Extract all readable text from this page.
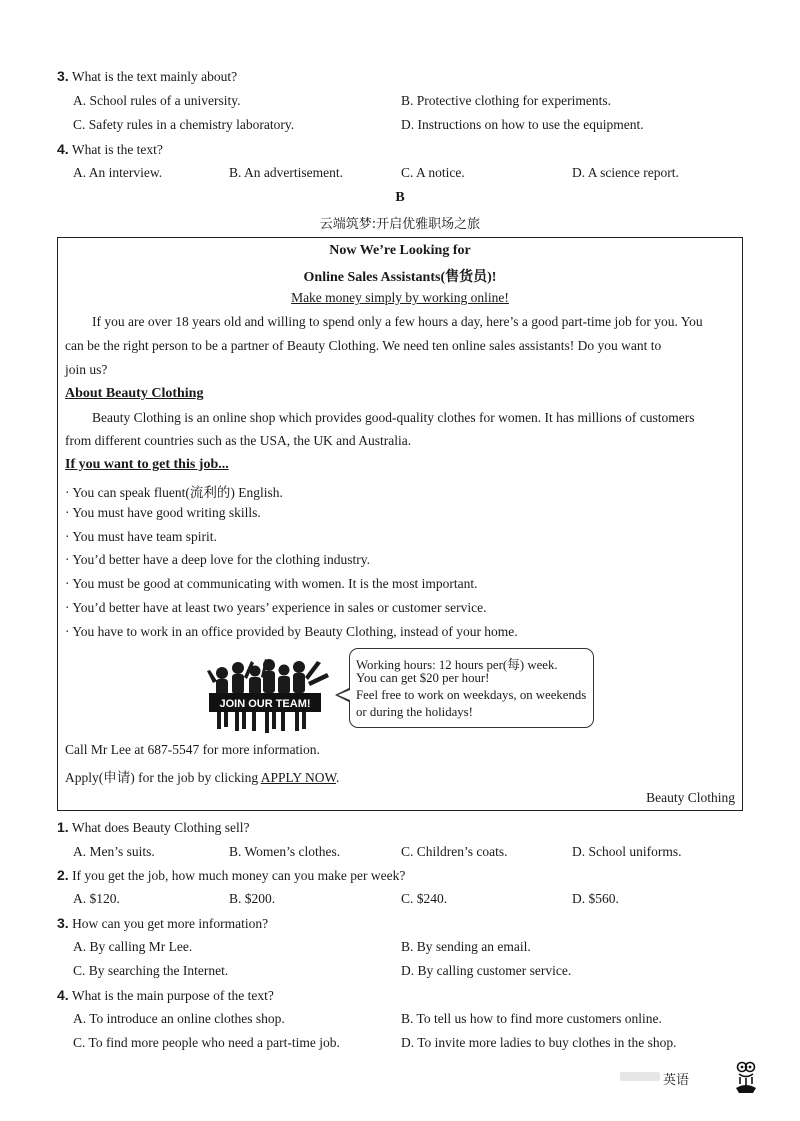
3. What is the text mainly about?
A. School rules of a university.	B. Protective clothing for experiments.
C. Safety rules in a chemistry laboratory.	D. Instructions on how to use the equipment.
4. What is the text?
A. An interview.	B. An advertisement.	C. A notice.	D. A science report.
B
云端筑梦:开启优雅职场之旅
Now We’re Looking for
Online Sales Assistants(售货员)!
Make money simply by working online!
If you are over 18 years old and willing to spend only a few hours a day, here’s a good part-time job for you. You
can be the right person to be a partner of Beauty Clothing. We need ten online sales assistants! Do you want to
join us?
About Beauty Clothing
Beauty Clothing is an online shop which provides good-quality clothes for women. It has millions of customers
from different countries such as the USA, the UK and Australia.
If you want to get this job...
· You can speak fluent(流利的) English.
· You must have good writing skills.
· You must have team spirit.
· You’d better have a deep love for the clothing industry.
· You must be good at communicating with women. It is the most important.
· You’d better have at least two years’ experience in sales or customer service.
· You have to work in an office provided by Beauty Clothing, instead of your home.
JOIN OUR TEAM!
Working hours: 12 hours per(每) week.
You can get $20 per hour!
Feel free to work on weekdays, on weekends
or during the holidays!
Call Mr Lee at 687-5547 for more information.
Apply(申请) for the job by clicking APPLY NOW.
Beauty Clothing
1. What does Beauty Clothing sell?
A. Men’s suits.	B. Women’s clothes.	C. Children’s coats.	D. School uniforms.
2. If you get the job, how much money can you make per week?
A. $120.	B. $200.	C. $240.	D. $560.
3. How can you get more information?
A. By calling Mr Lee.	B. By sending an email.
C. By searching the Internet.	D. By calling customer service.
4. What is the main purpose of the text?
A. To introduce an online clothes shop.	B. To tell us how to find more customers online.
C. To find more people who need a part-time job.	D. To invite more ladies to buy clothes in the shop.
英语
